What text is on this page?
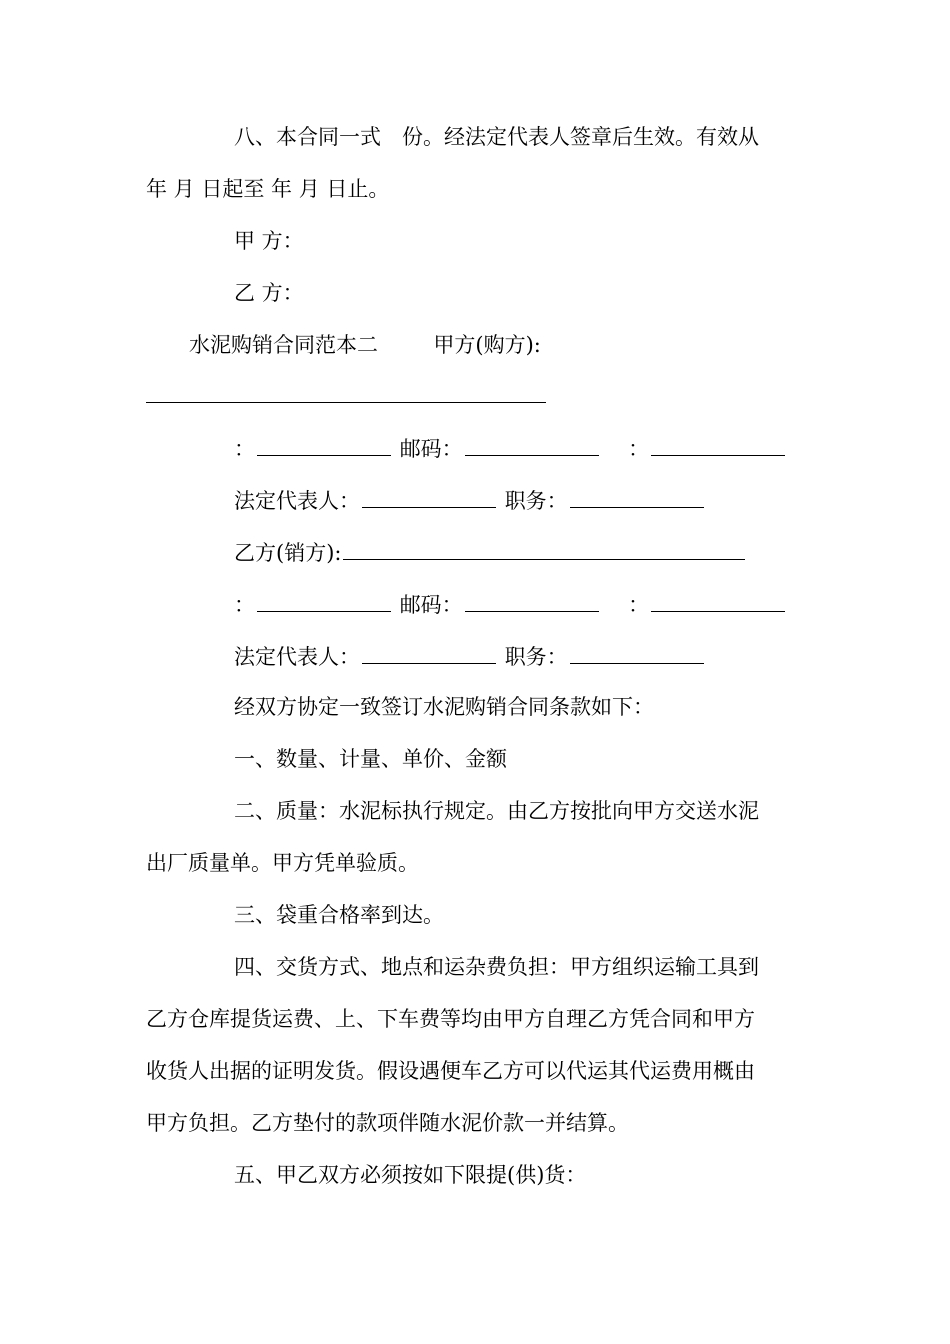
八、本合同一式　份。经法定代表人签章后生效。有效从
年 月 日起至 年 月 日止。
甲 方：
乙 方：
水泥购销合同范本二	甲方(购方):
：	邮码：	：
法定代表人：	职务：
乙方(销方):
：	邮码：	：
法定代表人：	职务：
经双方协定一致签订水泥购销合同条款如下：
一、数量、计量、单价、金额
二、质量：水泥标执行规定。由乙方按批向甲方交送水泥
出厂质量单。甲方凭单验质。
三、袋重合格率到达。
四、交货方式、地点和运杂费负担：甲方组织运输工具到
乙方仓库提货运费、上、下车费等均由甲方自理乙方凭合同和甲方
收货人出据的证明发货。假设遇便车乙方可以代运其代运费用概由
甲方负担。乙方垫付的款项伴随水泥价款一并结算。
五、甲乙双方必须按如下限提(供)货：
